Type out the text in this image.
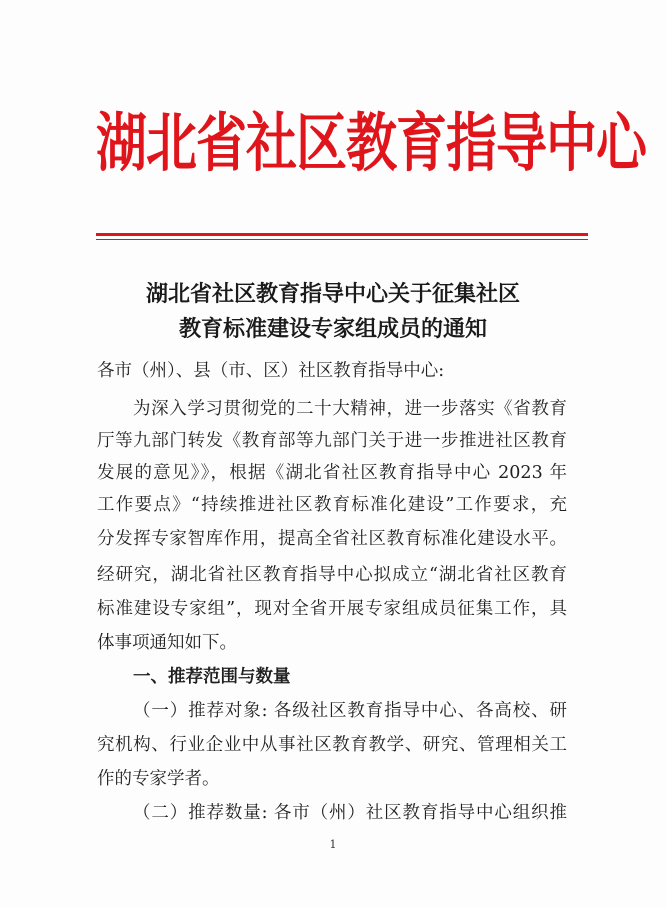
湖北省社区教育指导中心
湖北省社区教育指导中心关于征集社区
教育标准建设专家组成员的通知
各市（州）、县（市、区）社区教育指导中心:
为深入学习贯彻党的二十大精神，进一步落实《省教育
厅等九部门转发《教育部等九部门关于进一步推进社区教育
发展的意见》》，根据《湖北省社区教育指导中心 2023 年
工作要点》“持续推进社区教育标准化建设”工作要求，充
分发挥专家智库作用，提高全省社区教育标准化建设水平。
经研究，湖北省社区教育指导中心拟成立“湖北省社区教育
标准建设专家组”，现对全省开展专家组成员征集工作，具
体事项通知如下。
一、推荐范围与数量
（一）推荐对象: 各级社区教育指导中心、各高校、研
究机构、行业企业中从事社区教育教学、研究、管理相关工
作的专家学者。
（二）推荐数量: 各市（州）社区教育指导中心组织推
1
